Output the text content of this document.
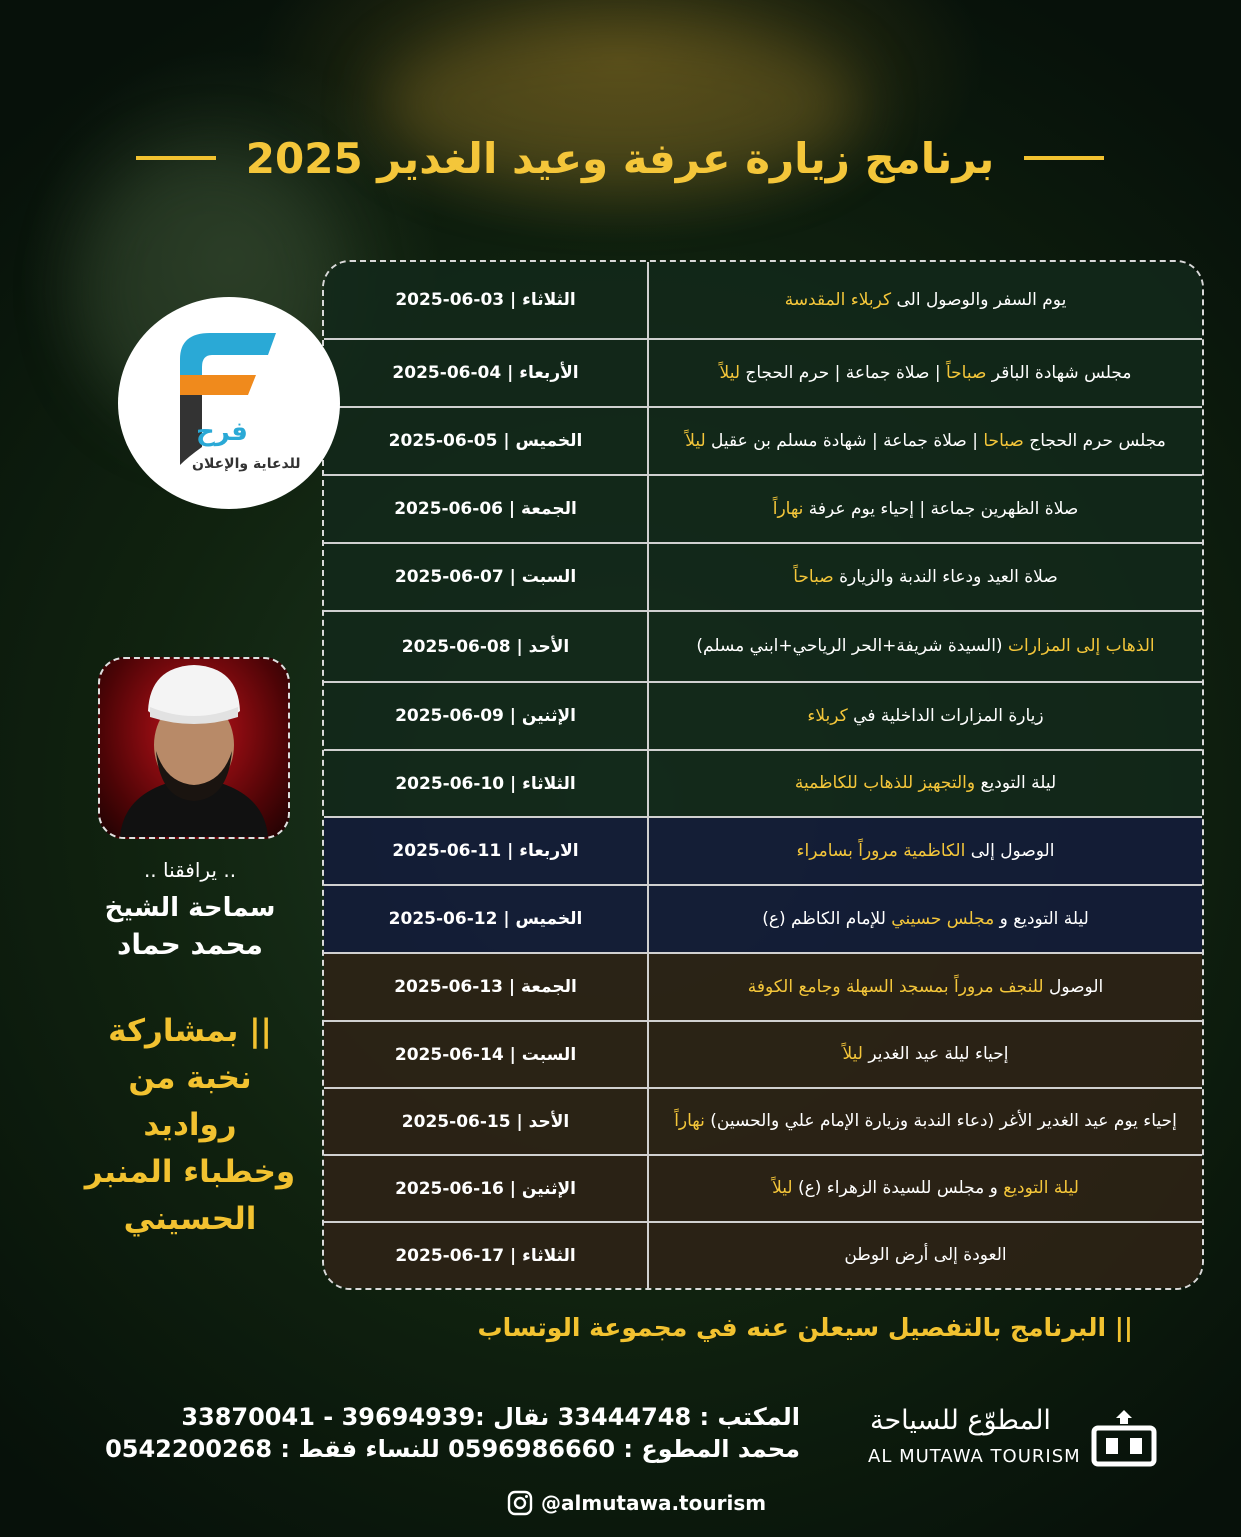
برنامج زيارة عرفة وعيد الغدير 2025
يوم السفر والوصول الى كربلاء المقدسة
الثلاثاء | 03-06-2025
مجلس شهادة الباقر صباحاً | صلاة جماعة | حرم الحجاج ليلاً
الأربعاء | 04-06-2025
مجلس حرم الحجاج صباحا | صلاة جماعة | شهادة مسلم بن عقيل ليلاً
الخميس | 05-06-2025
صلاة الظهرين جماعة | إحياء يوم عرفة نهاراً
الجمعة | 06-06-2025
صلاة العيد ودعاء الندبة والزيارة صباحاً
السبت | 07-06-2025
الذهاب إلى المزارات (السيدة شريفة+الحر الرياحي+ابني مسلم)
الأحد | 08-06-2025
زيارة المزارات الداخلية في كربلاء
الإثنين | 09-06-2025
ليلة التوديع والتجهيز للذهاب للكاظمية
الثلاثاء | 10-06-2025
الوصول إلى الكاظمية مروراً بسامراء
الاربعاء | 11-06-2025
ليلة التوديع و مجلس حسيني للإمام الكاظم (ع)
الخميس | 12-06-2025
الوصول للنجف مروراً بمسجد السهلة وجامع الكوفة
الجمعة | 13-06-2025
إحياء ليلة عيد الغدير ليلاً
السبت | 14-06-2025
إحياء يوم عيد الغدير الأغر (دعاء الندبة وزيارة الإمام علي والحسين) نهاراً
الأحد | 15-06-2025
ليلة التوديع و مجلس للسيدة الزهراء (ع) ليلاً
الإثنين | 16-06-2025
العودة إلى أرض الوطن
الثلاثاء | 17-06-2025
فرح
للدعاية والإعلان
.. يرافقنا ..
سماحة الشيخ
محمد حماد
|| بمشاركة
نخبة من
رواديد
وخطباء المنبر
الحسيني
|| البرنامج بالتفصيل سيعلن عنه في مجموعة الوتساب
المكتب : 33444748 نقال :39694939 - 33870041
محمد المطوع : 0596986660 للنساء فقط : 0542200268
المطوّع للسياحة
AL MUTAWA TOURISM
@almutawa.tourism
